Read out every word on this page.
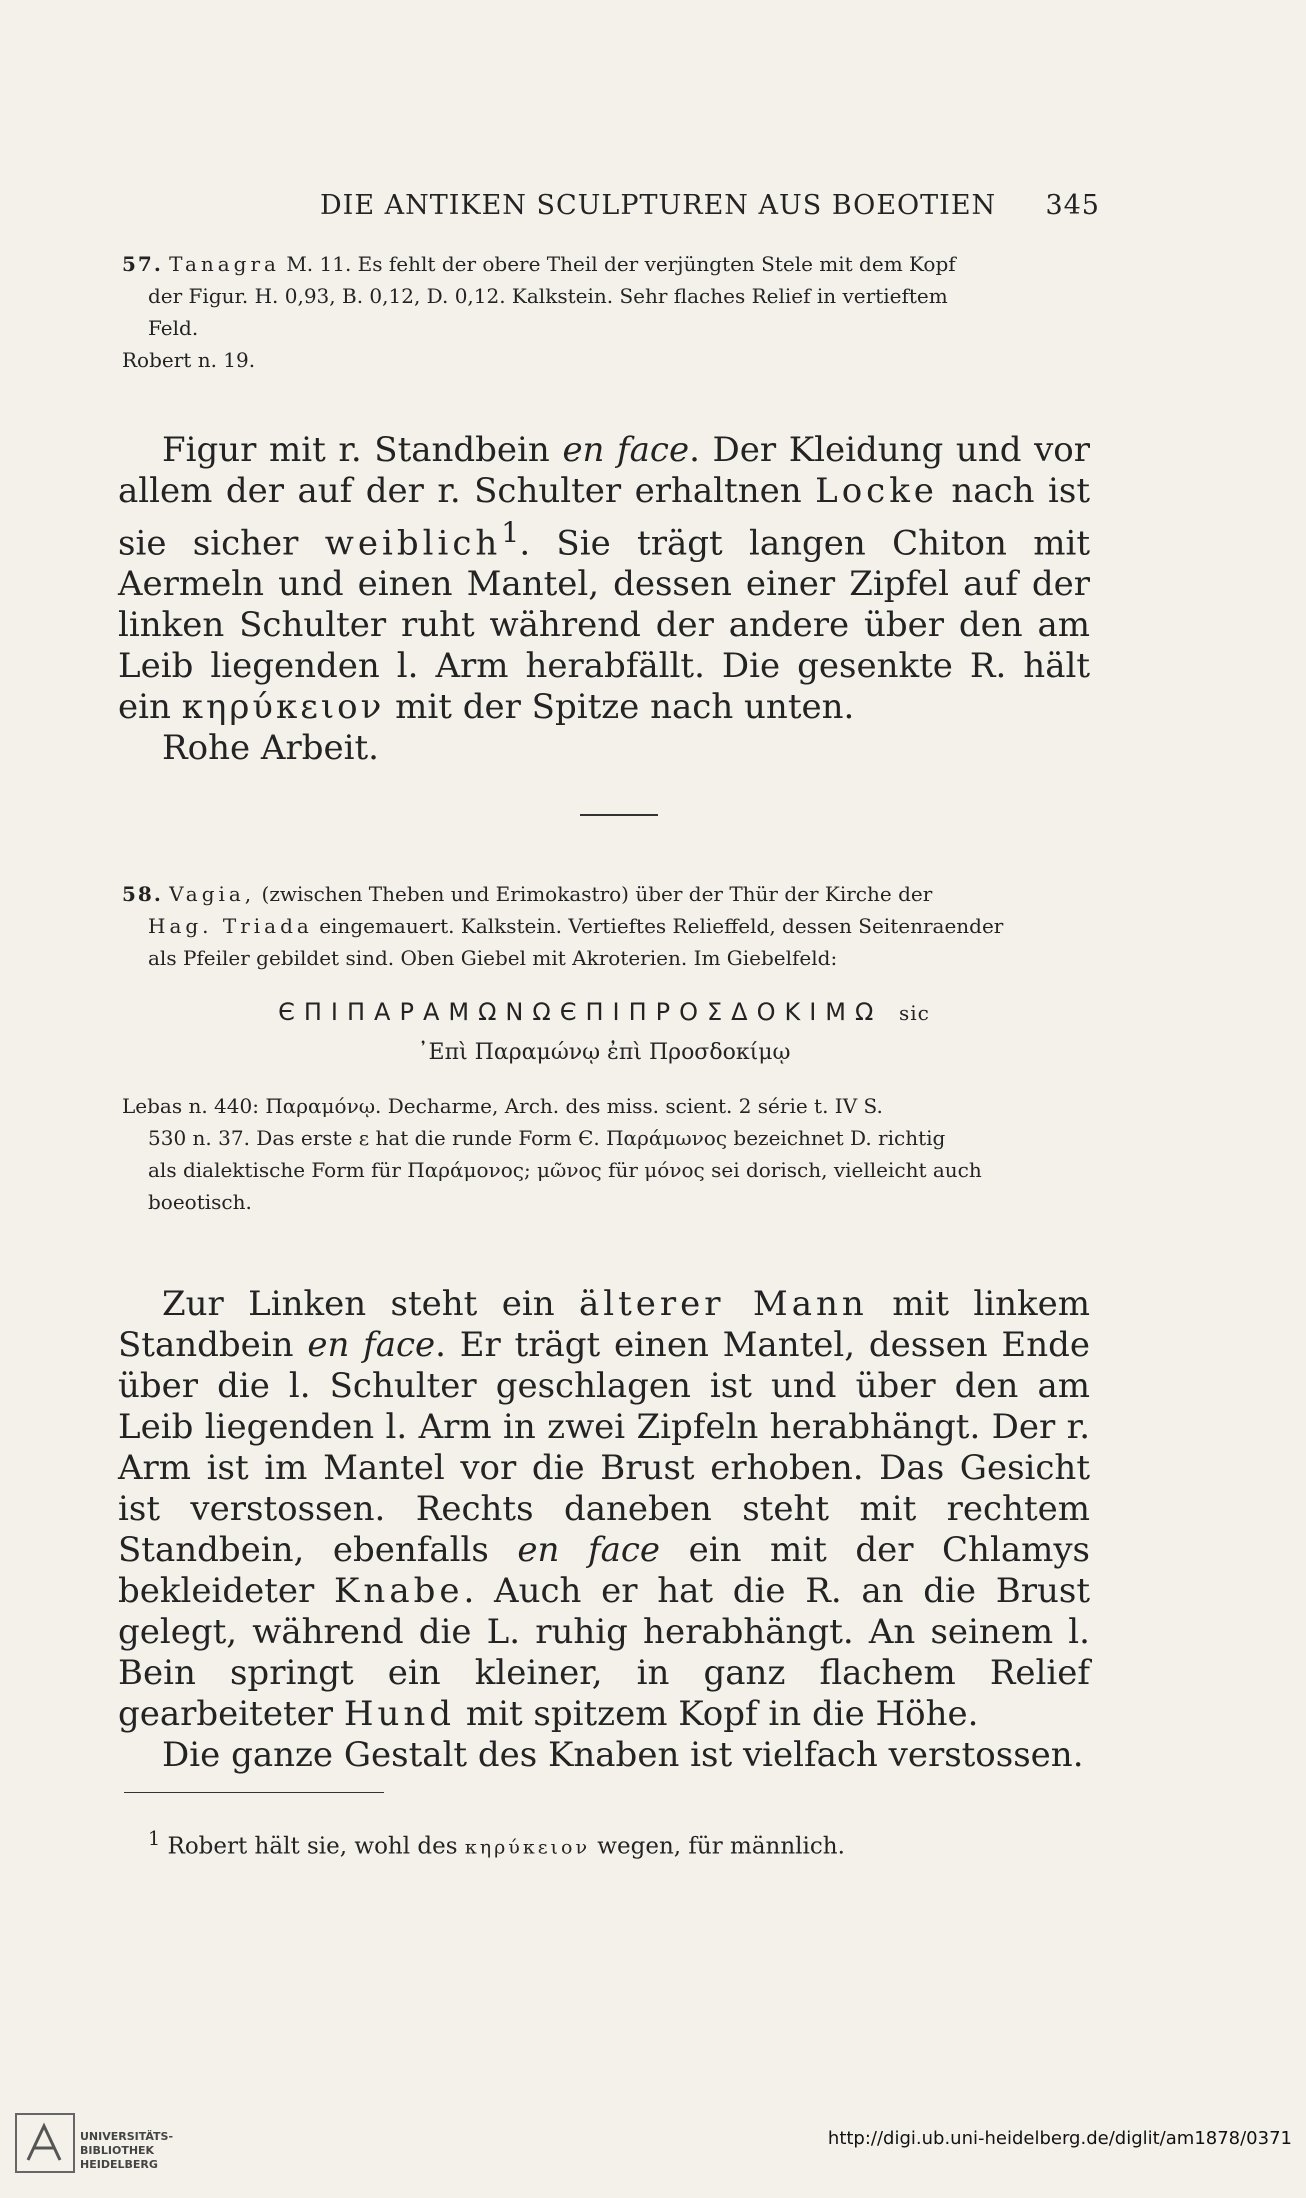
DIE ANTIKEN SCULPTUREN AUS BOEOTIEN 345
57. Tanagra M. 11. Es fehlt der obere Theil der verjüngten Stele mit dem Kopf
der Figur. H. 0,93, B. 0,12, D. 0,12. Kalkstein. Sehr flaches Relief in vertieftem
Feld.
Robert n. 19.

Figur mit r. Standbein en face. Der Kleidung und vor allem der auf der r. Schulter erhaltnen Locke nach ist sie sicher weiblich$^1$. Sie trägt langen Chiton mit Aermeln und einen Mantel, dessen einer Zipfel auf der linken Schulter ruht während der andere über den am Leib liegenden l. Arm herabfällt. Die gesenkte R. hält ein κηρύκειον mit der Spitze nach unten.

Rohe Arbeit.

58. Vagia, (zwischen Theben und Erimokastro) über der Thür der Kirche der
Hag. Triada eingemauert. Kalkstein. Vertieftes Relieffeld, dessen Seitenraender
als Pfeiler gebildet sind. Oben Giebel mit Akroterien. Im Giebelfeld:
ЄΠΙΠΑΡΑΜΩΝΩЄΠΙΠΡΟΣΔΟΚΙΜΩ sic
᾿Επὶ Παραμώνῳ ἐπὶ Προσδοκίμῳ
Lebas n. 440: Παραμόνῳ. Decharme, Arch. des miss. scient. 2 série t. IV S.
530 n. 37. Das erste ε hat die runde Form Є. Παράμωνος bezeichnet D. richtig
als dialektische Form für Παράμονος; μῶνος für μόνος sei dorisch, vielleicht auch
boeotisch.

Zur Linken steht ein älterer Mann mit linkem Standbein en face. Er trägt einen Mantel, dessen Ende über die l. Schulter geschlagen ist und über den am Leib liegenden l. Arm in zwei Zipfeln herabhängt. Der r. Arm ist im Mantel vor die Brust erhoben. Das Gesicht ist verstossen. Rechts daneben steht mit rechtem Standbein, ebenfalls en face ein mit der Chlamys bekleideter Knabe. Auch er hat die R. an die Brust gelegt, während die L. ruhig herabhängt. An seinem l. Bein springt ein kleiner, in ganz flachem Relief gearbeiteter Hund mit spitzem Kopf in die Höhe.

Die ganze Gestalt des Knaben ist vielfach verstossen.

$^1$ Robert hält sie, wohl des κηρύκειον wegen, für männlich.
UNIVERSITÄTS-
BIBLIOTHEK
HEIDELBERG
http://digi.ub.uni-heidelberg.de/diglit/am1878/0371
